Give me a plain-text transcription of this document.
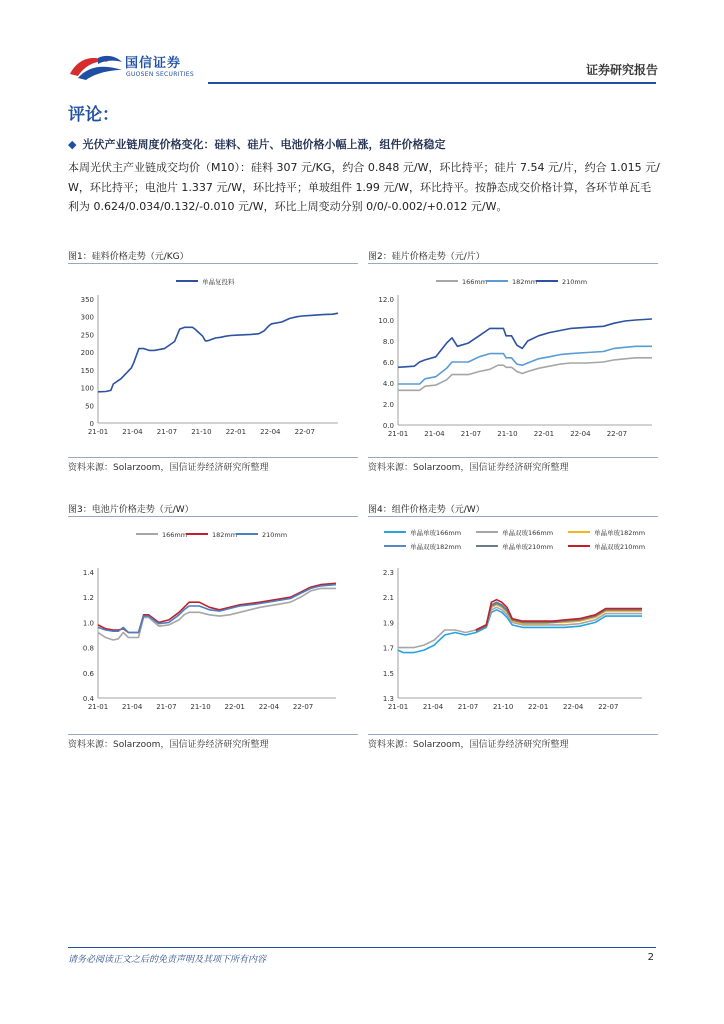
国信证券
GUOSEN SECURITIES	证券研究报告
评论：
◆ 光伏产业链周度价格变化：硅料、硅片、电池价格小幅上涨，组件价格稳定
本周光伏主产业链成交均价（M10）：硅料 307 元/KG，约合 0.848 元/W，环比持平；硅片 7.54 元/片，约合 1.015 元/W，环比持平；电池片 1.337 元/W，环比持平；单玻组件 1.99 元/W，环比持平。按静态成交价格计算，各环节单瓦毛利为 0.624/0.034/0.132/-0.010 元/W，环比上周变动分别 0/0/-0.002/+0.012 元/W。
图1：硅料价格走势（元/KG）
0
50
100
150
200
250
300
350
21-01 21-04 21-07 21-10 22-01 22-04 22-07
单晶复投料
资料来源：Solarzoom，国信证券经济研究所整理
图2：硅片价格走势（元/片）
0.0
2.0
4.0
6.0
8.0
10.0
12.0
21-01 21-04 21-07 21-10 22-01 22-04 22-07
166mm	182mm	210mm
资料来源：Solarzoom，国信证券经济研究所整理
图3：电池片价格走势（元/W）
0.4
0.6
0.8
1.0
1.2
1.4
21-01 21-04 21-07 21-10 22-01 22-04 22-07
166mm	182mm	210mm
资料来源：Solarzoom，国信证券经济研究所整理
图4：组件价格走势（元/W）
1.3
1.5
1.7
1.9
2.1
2.3
21-01 21-04 21-07 21-10 22-01 22-04 22-07
单晶单玻166mm	单晶双玻166mm	单晶单玻182mm
单晶双玻182mm	单晶单玻210mm	单晶双玻210mm
资料来源：Solarzoom，国信证券经济研究所整理
请务必阅读正文之后的免责声明及其项下所有内容	2
